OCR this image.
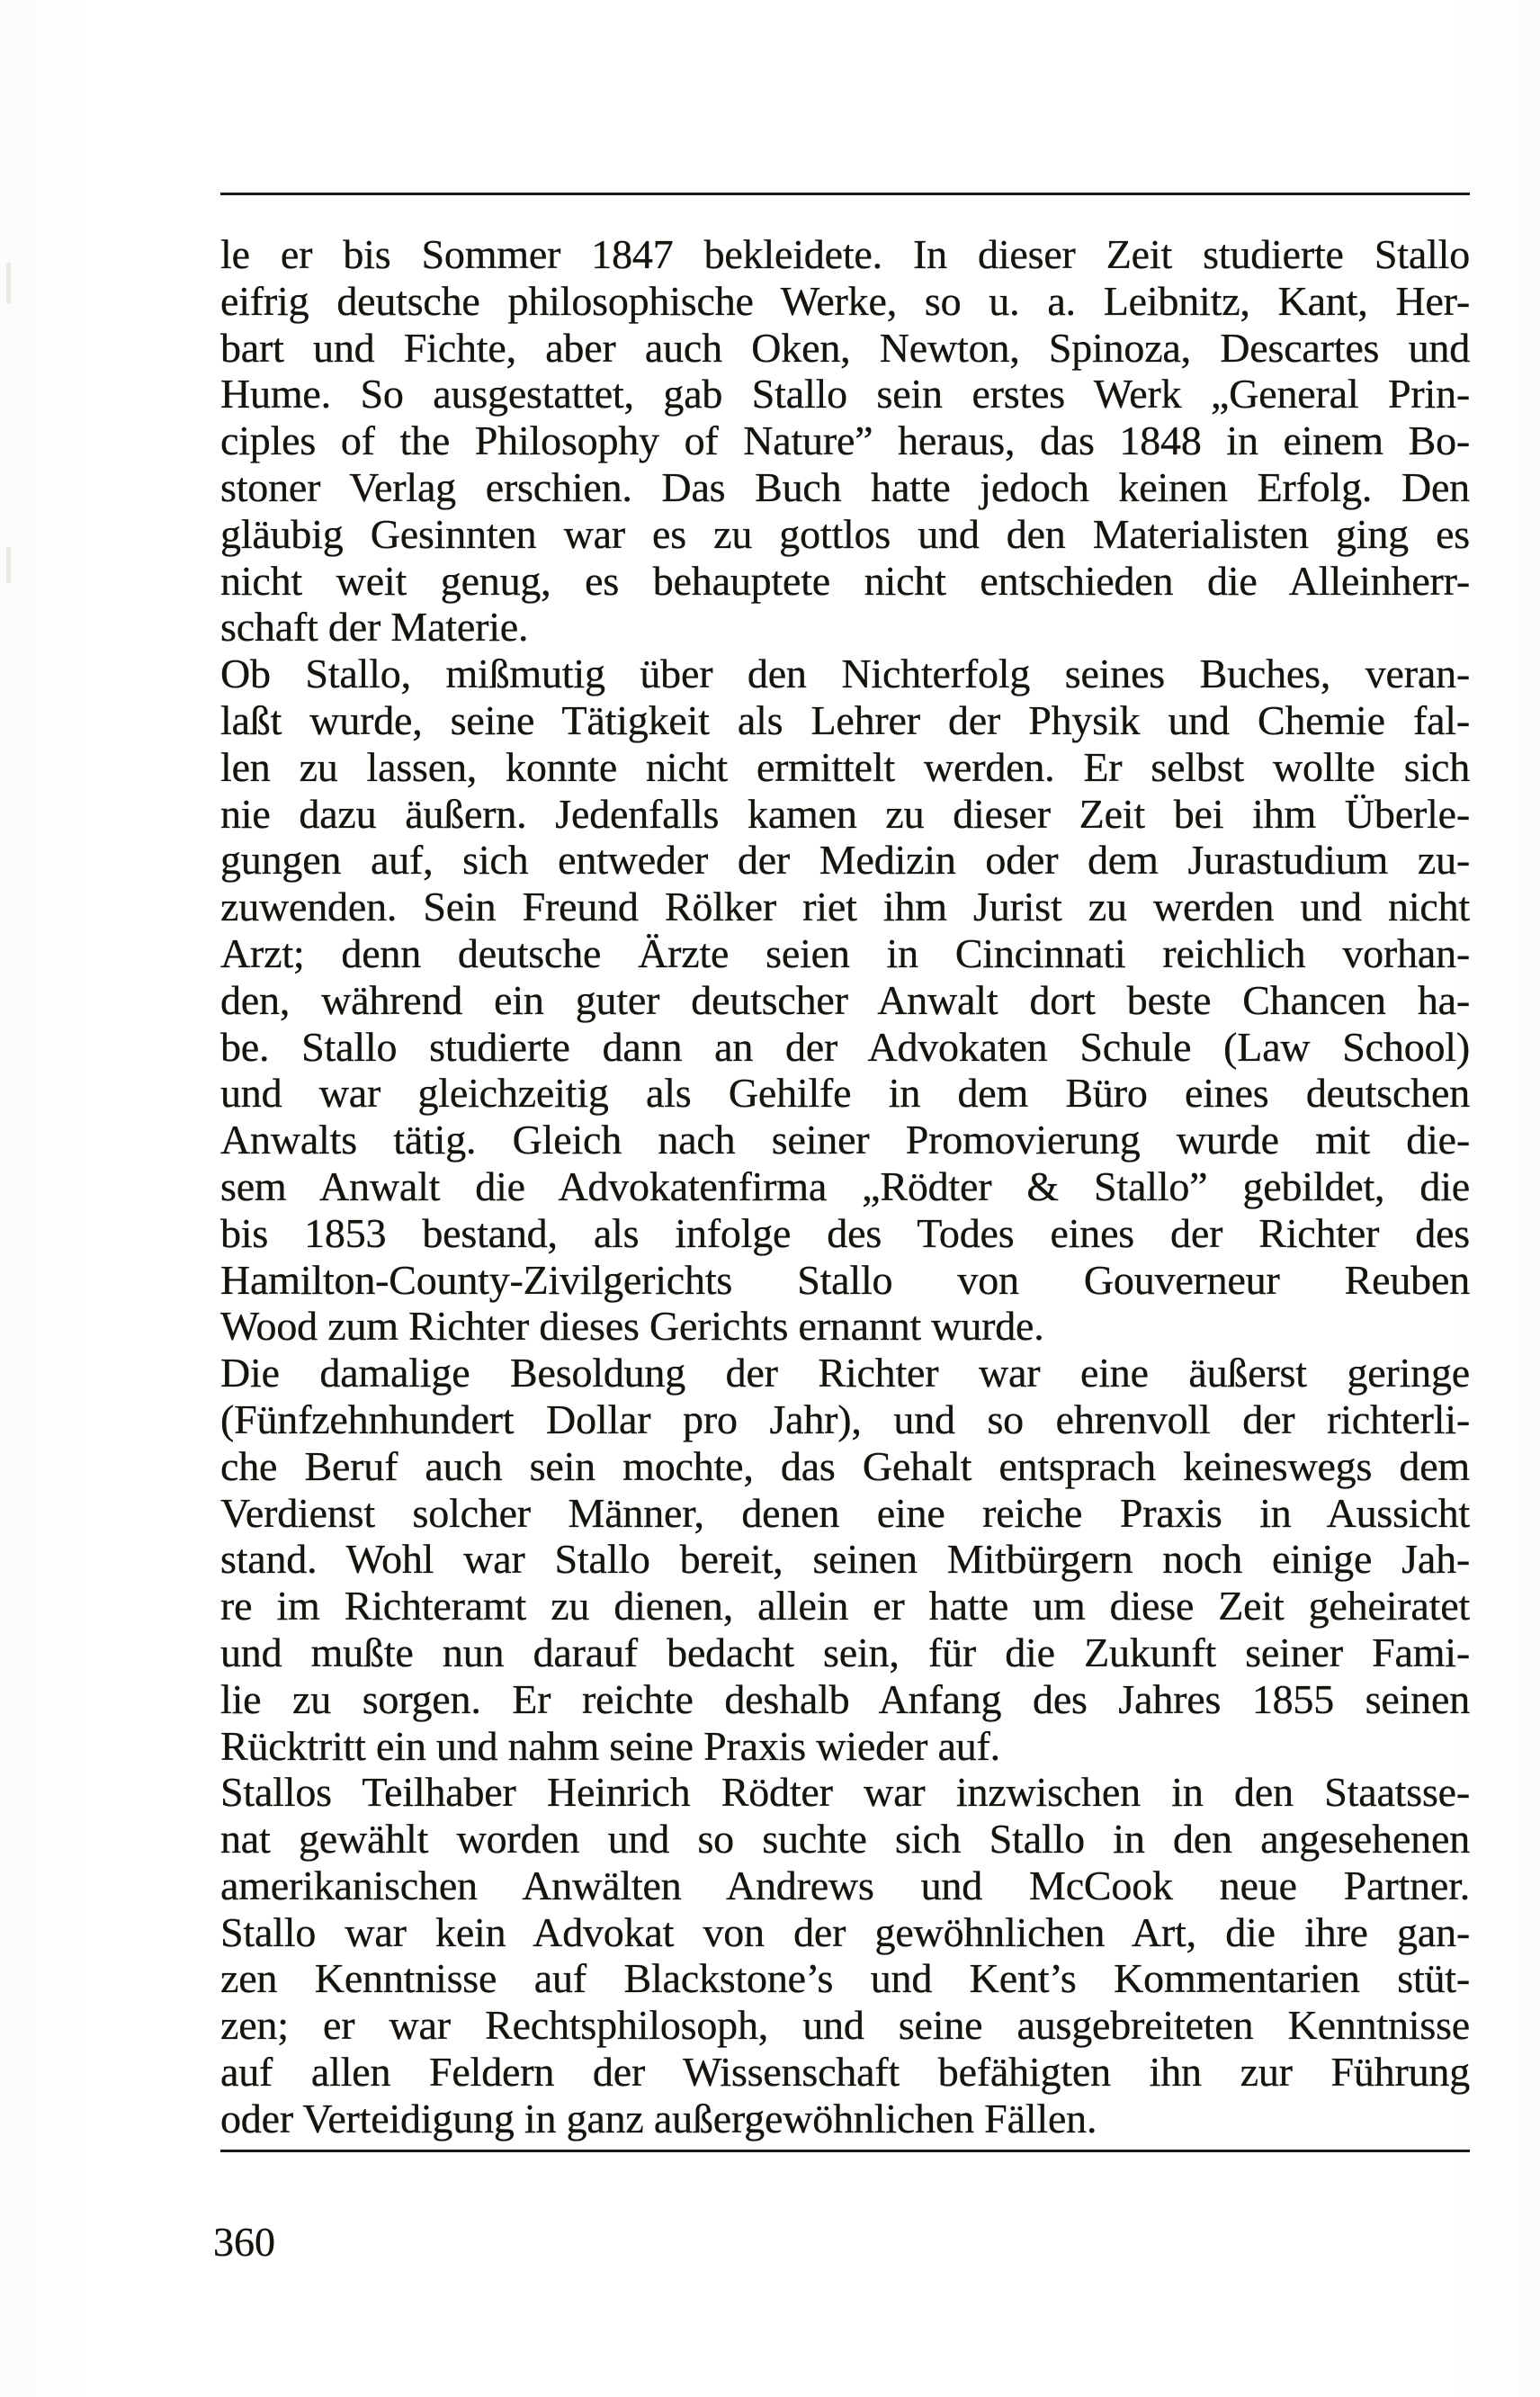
le er bis Sommer 1847 bekleidete. In dieser Zeit studierte Stallo

eifrig deutsche philosophische Werke, so u. a. Leibnitz, Kant, Her-

bart und Fichte, aber auch Oken, Newton, Spinoza, Descartes und

Hume. So ausgestattet, gab Stallo sein erstes Werk „General Prin-

ciples of the Philosophy of Nature” heraus, das 1848 in einem Bo-

stoner Verlag erschien. Das Buch hatte jedoch keinen Erfolg. Den

gläubig Gesinnten war es zu gottlos und den Materialisten ging es

nicht weit genug, es behauptete nicht entschieden die Alleinherr-

schaft der Materie.

Ob Stallo, mißmutig über den Nichterfolg seines Buches, veran-

laßt wurde, seine Tätigkeit als Lehrer der Physik und Chemie fal-

len zu lassen, konnte nicht ermittelt werden. Er selbst wollte sich

nie dazu äußern. Jedenfalls kamen zu dieser Zeit bei ihm Überle-

gungen auf, sich entweder der Medizin oder dem Jurastudium zu-

zuwenden. Sein Freund Rölker riet ihm Jurist zu werden und nicht

Arzt; denn deutsche Ärzte seien in Cincinnati reichlich vorhan-

den, während ein guter deutscher Anwalt dort beste Chancen ha-

be. Stallo studierte dann an der Advokaten Schule (Law School)

und war gleichzeitig als Gehilfe in dem Büro eines deutschen

Anwalts tätig. Gleich nach seiner Promovierung wurde mit die-

sem Anwalt die Advokatenfirma „Rödter & Stallo” gebildet, die

bis 1853 bestand, als infolge des Todes eines der Richter des

Hamilton-County-Zivilgerichts Stallo von Gouverneur Reuben

Wood zum Richter dieses Gerichts ernannt wurde.

Die damalige Besoldung der Richter war eine äußerst geringe

(Fünfzehnhundert Dollar pro Jahr), und so ehrenvoll der richterli-

che Beruf auch sein mochte, das Gehalt entsprach keineswegs dem

Verdienst solcher Männer, denen eine reiche Praxis in Aussicht

stand. Wohl war Stallo bereit, seinen Mitbürgern noch einige Jah-

re im Richteramt zu dienen, allein er hatte um diese Zeit geheiratet

und mußte nun darauf bedacht sein, für die Zukunft seiner Fami-

lie zu sorgen. Er reichte deshalb Anfang des Jahres 1855 seinen

Rücktritt ein und nahm seine Praxis wieder auf.

Stallos Teilhaber Heinrich Rödter war inzwischen in den Staatsse-

nat gewählt worden und so suchte sich Stallo in den angesehenen

amerikanischen Anwälten Andrews und McCook neue Partner.

Stallo war kein Advokat von der gewöhnlichen Art, die ihre gan-

zen Kenntnisse auf Blackstone’s und Kent’s Kommentarien stüt-

zen; er war Rechtsphilosoph, und seine ausgebreiteten Kenntnisse

auf allen Feldern der Wissenschaft befähigten ihn zur Führung

oder Verteidigung in ganz außergewöhnlichen Fällen.

360
